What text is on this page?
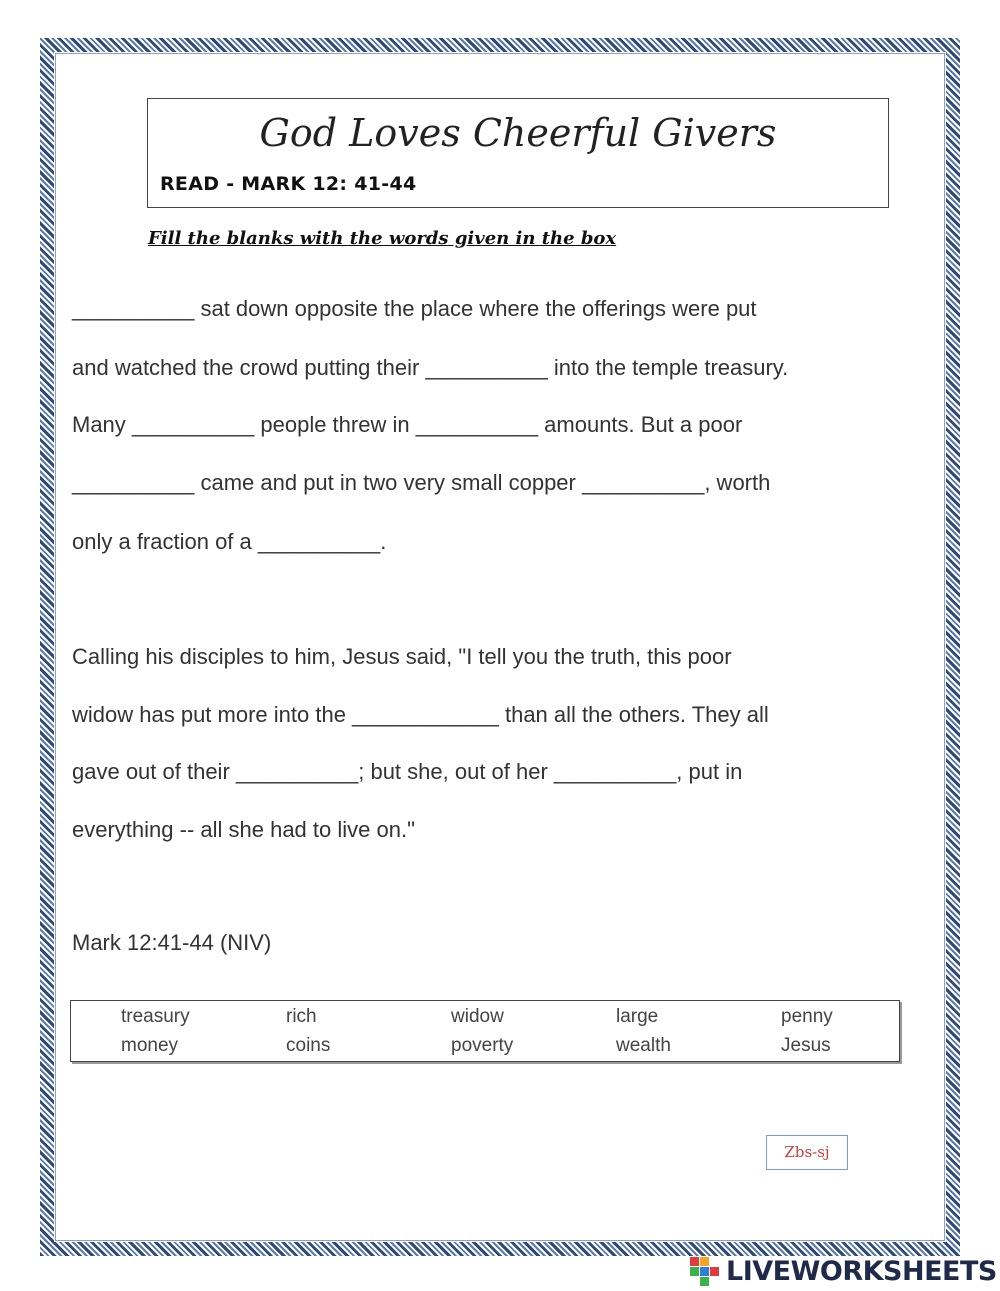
God Loves Cheerful Givers
READ - MARK 12: 41-44
Fill the blanks with the words given in the box
__________ sat down opposite the place where the offerings were put
and watched the crowd putting their __________ into the temple treasury.
Many __________ people threw in __________ amounts. But a poor
__________ came and put in two very small copper __________, worth
only a fraction of a __________.
Calling his disciples to him, Jesus said, "I tell you the truth, this poor
widow has put more into the ____________ than all the others. They all
gave out of their __________; but she, out of her __________, put in
everything -- all she had to live on."
Mark 12:41-44 (NIV)
treasury	rich	widow	large	penny
money	coins	poverty	wealth	Jesus
Zbs-sj
LIVEWORKSHEETS
